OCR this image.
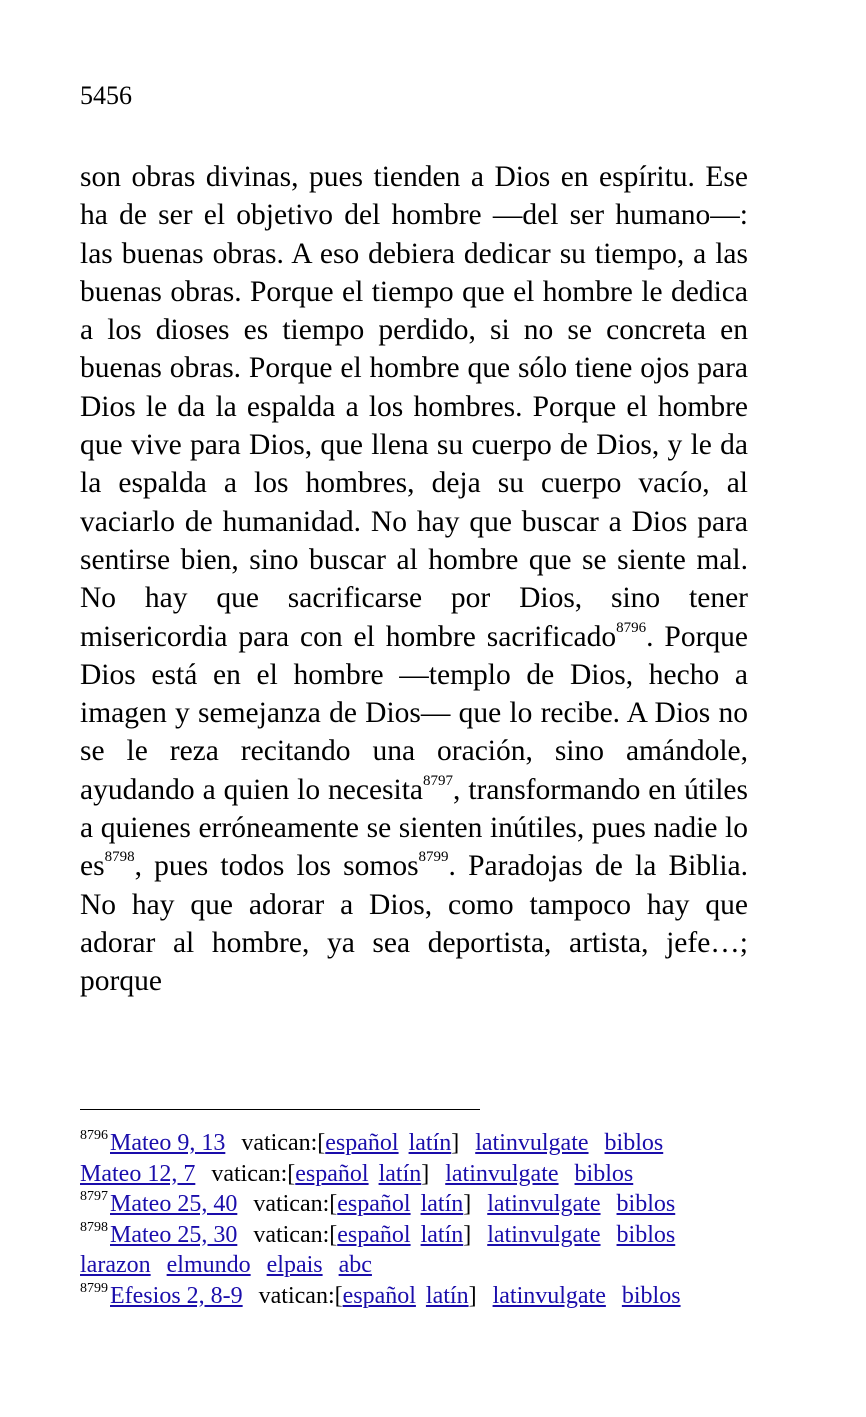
5456

son obras divinas, pues tienden a Dios en espíritu. Ese ha de ser el objetivo del hombre —del ser humano—: las buenas obras. A eso debiera dedicar su tiempo, a las buenas obras. Porque el tiempo que el hombre le dedica a los dioses es tiempo perdido, si no se concreta en buenas obras. Porque el hombre que sólo tiene ojos para Dios le da la espalda a los hombres. Porque el hombre que vive para Dios, que llena su cuerpo de Dios, y le da la espalda a los hombres, deja su cuerpo vacío, al vaciarlo de humanidad. No hay que buscar a Dios para sentirse bien, sino buscar al hombre que se siente mal. No hay que sacrificarse por Dios, sino tener misericordia para con el hombre sacrificado$^{8796}$. Porque Dios está en el hombre —templo de Dios, hecho a imagen y semejanza de Dios— que lo recibe. A Dios no se le reza recitando una oración, sino amándole, ayudando a quien lo necesita$^{8797}$, transformando en útiles a quienes erróneamente se sienten inútiles, pues nadie lo $es^{8798}$, pues todos los somos$^{8799}$. Paradojas de la Biblia. No hay que adorar a Dios, como tampoco hay que adorar al hombre, ya sea deportista, artista, jefe…; porque

$^{8796}$Mateo 9, 13 vatican:[español latín] latinvulgate biblos
Mateo 12, 7 vatican:[español latín] latinvulgate biblos
$^{8797}$Mateo 25, 40 vatican:[español latín] latinvulgate biblos
$^{8798}$Mateo 25, 30 vatican:[español latín] latinvulgate biblos
larazon elmundo elpais abc
$^{8799}$Efesios 2, 8-9 vatican:[español latín] latinvulgate biblos
